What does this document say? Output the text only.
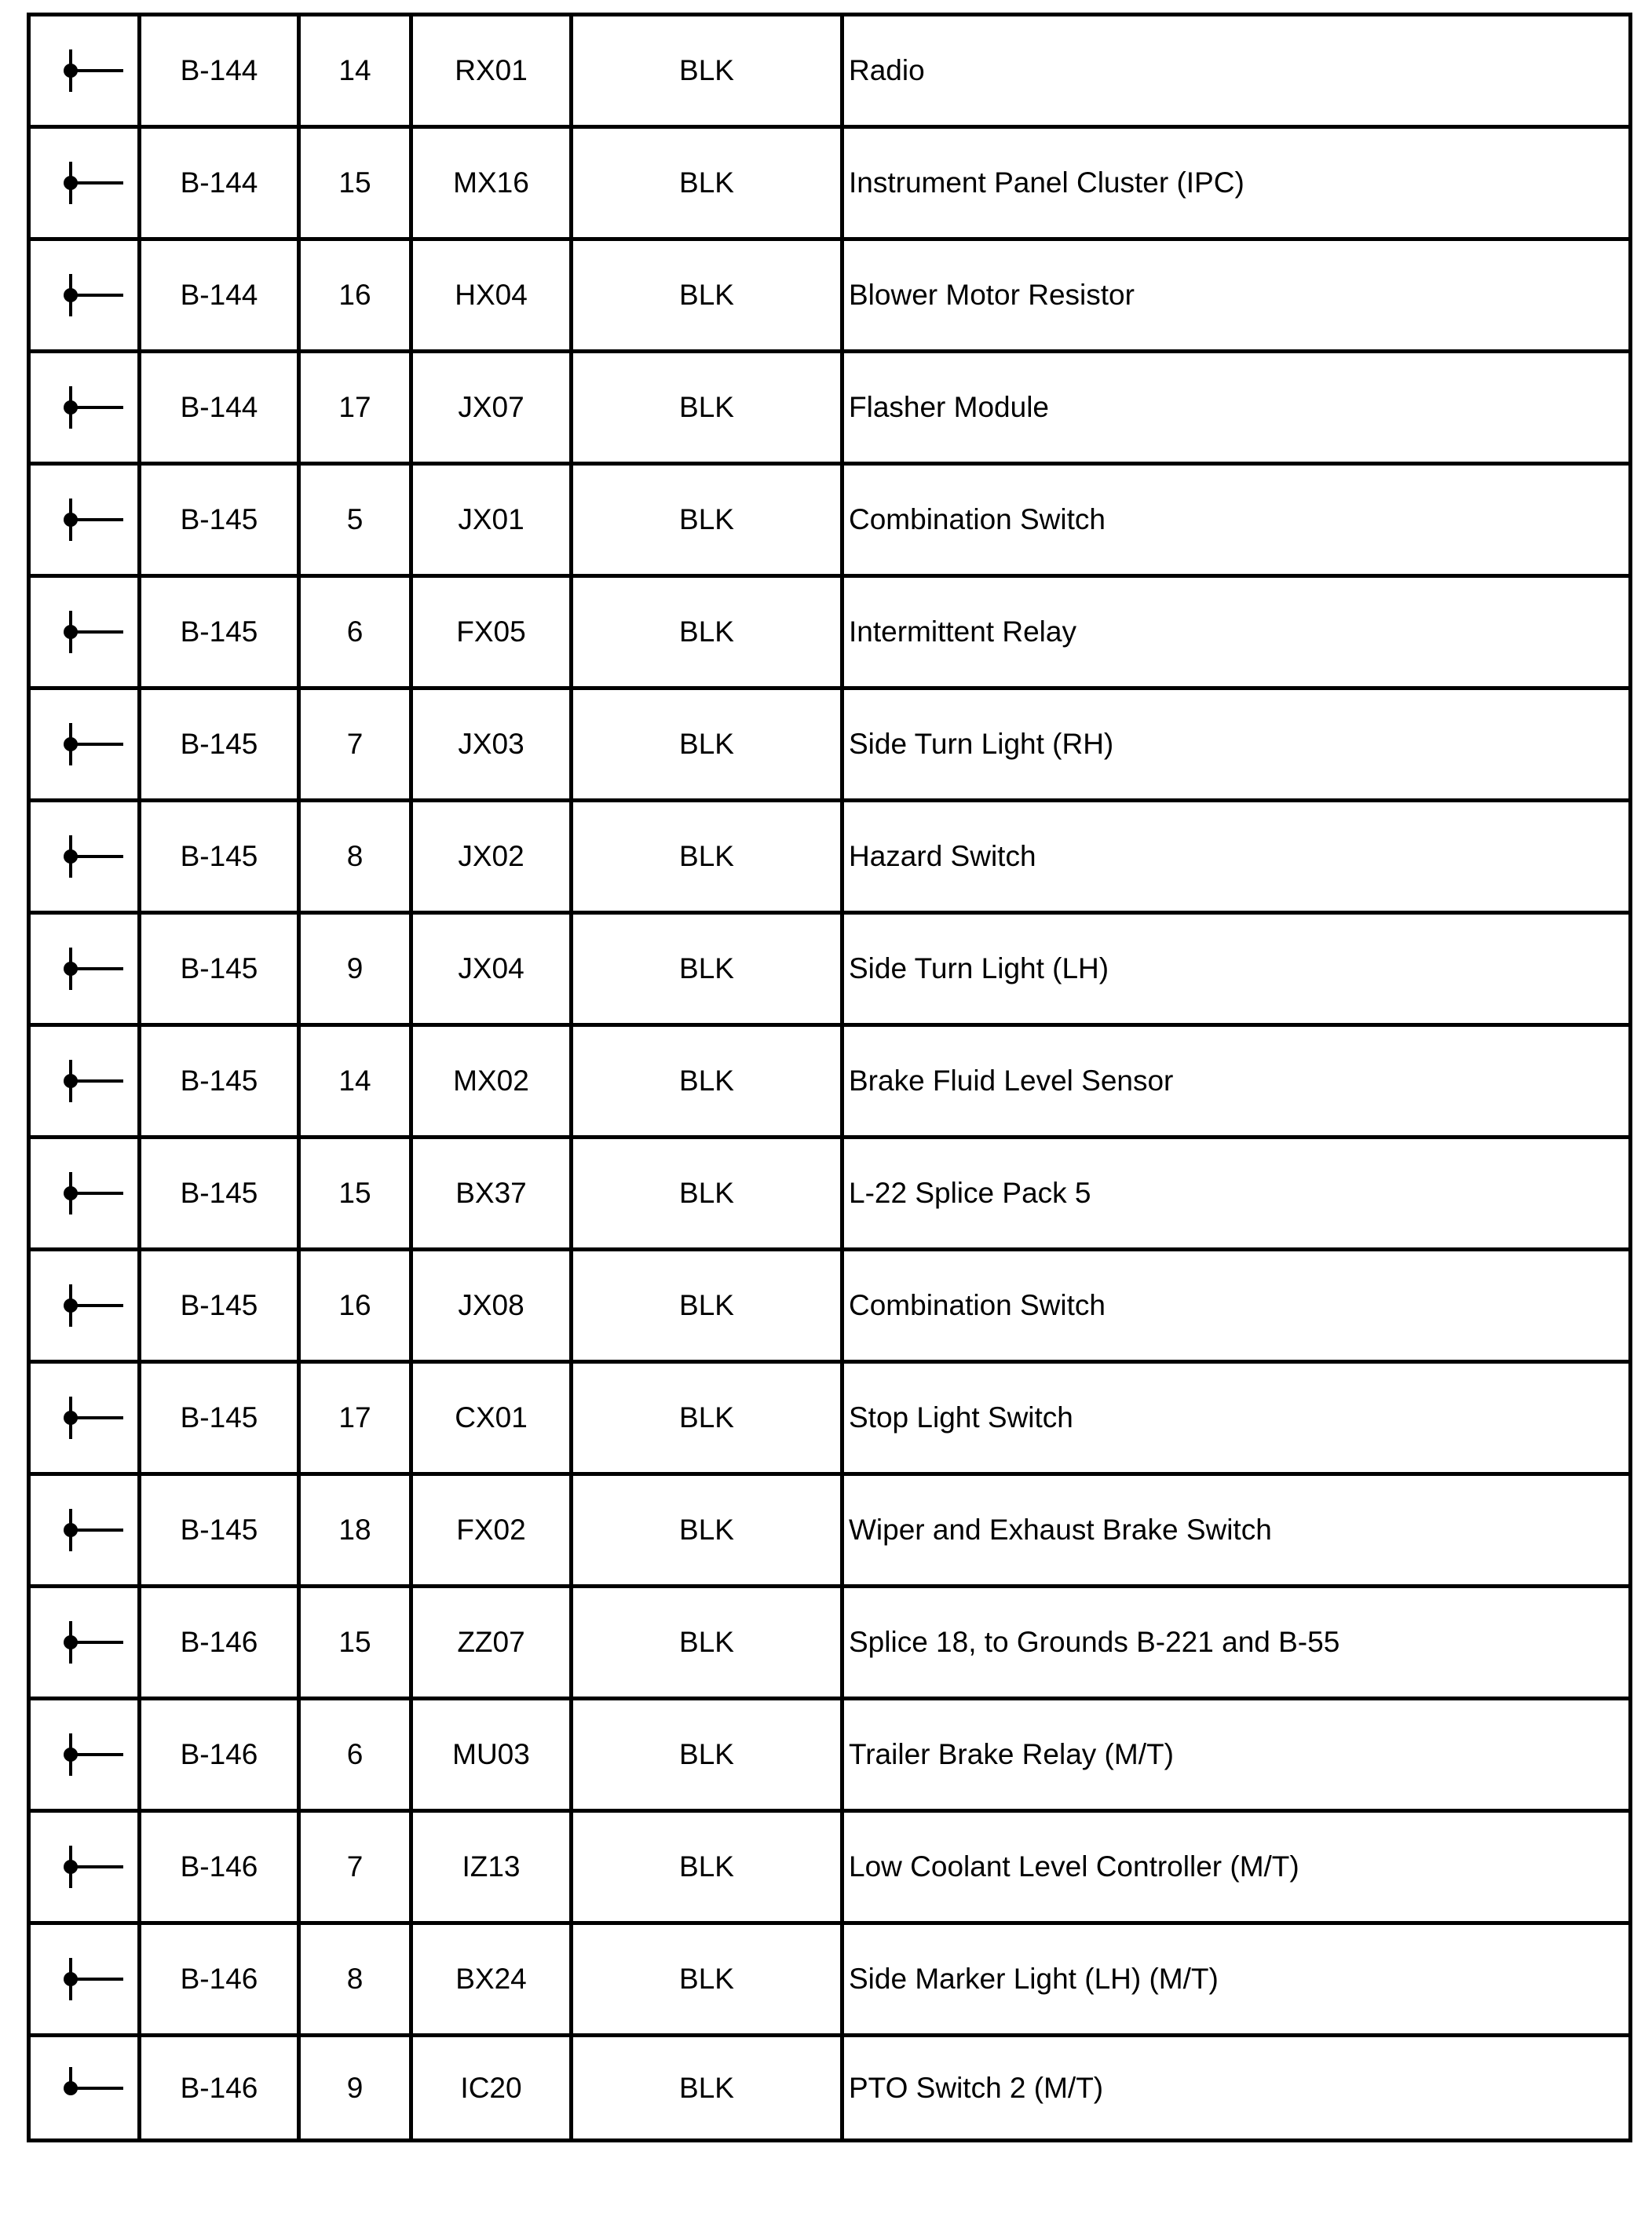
	B-144	14	RX01	BLK	Radio

	B-144	15	MX16	BLK	Instrument Panel Cluster (IPC)

	B-144	16	HX04	BLK	Blower Motor Resistor

	B-144	17	JX07	BLK	Flasher Module

	B-145	5	JX01	BLK	Combination Switch

	B-145	6	FX05	BLK	Intermittent Relay

	B-145	7	JX03	BLK	Side Turn Light (RH)

	B-145	8	JX02	BLK	Hazard Switch

	B-145	9	JX04	BLK	Side Turn Light (LH)

	B-145	14	MX02	BLK	Brake Fluid Level Sensor

	B-145	15	BX37	BLK	L-22 Splice Pack 5

	B-145	16	JX08	BLK	Combination Switch

	B-145	17	CX01	BLK	Stop Light Switch

	B-145	18	FX02	BLK	Wiper and Exhaust Brake Switch

	B-146	15	ZZ07	BLK	Splice 18, to Grounds B-221 and B-55

	B-146	6	MU03	BLK	Trailer Brake Relay (M/T)

	B-146	7	IZ13	BLK	Low Coolant Level Controller (M/T)

	B-146	8	BX24	BLK	Side Marker Light (LH) (M/T)

	B-146	9	IC20	BLK	PTO Switch 2 (M/T)
